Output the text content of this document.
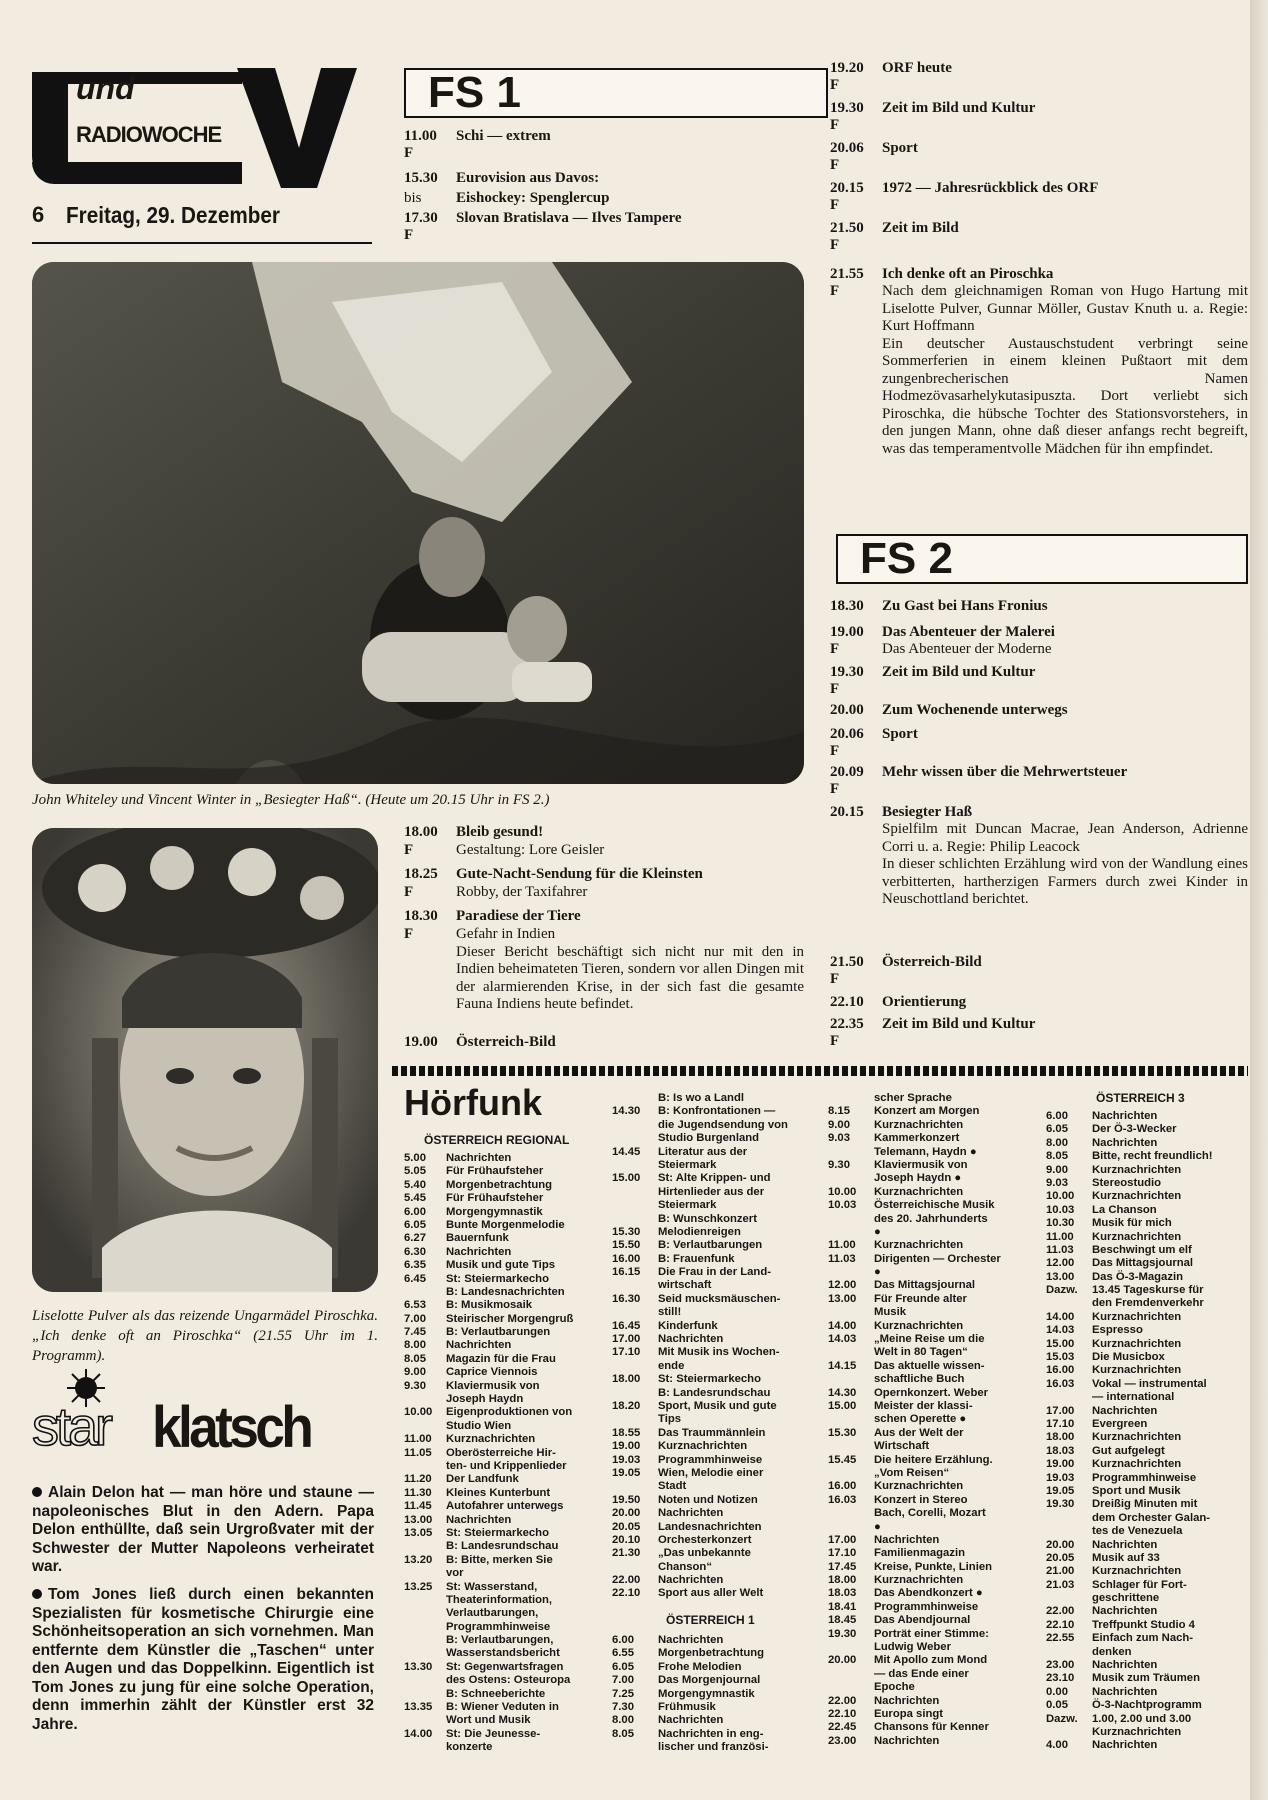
und
RADIOWOCHE
6 Freitag, 29. Dezember
FS 1
11.00
F
Schi — extrem
15.30 Eurovision aus Davos:
bis Eishockey: Spenglercup
17.30
F
Slovan Bratislava — Ilves Tampere
John Whiteley und Vincent Winter in „Besiegter Haß“. (Heute um 20.15 Uhr in FS 2.)
18.00
F
Bleib gesund!
Gestaltung: Lore Geisler
18.25
F
Gute-Nacht-Sendung für die Kleinsten
Robby, der Taxifahrer
18.30
F
Paradiese der Tiere
Gefahr in Indien
Dieser Bericht beschäftigt sich nicht nur mit den in Indien beheimateten Tieren, sondern vor allen Dingen mit der alarmierenden Krise, in der sich fast die gesamte Fauna Indiens heute befindet.
19.00 Österreich-Bild
19.20
F
ORF heute
19.30
F
Zeit im Bild und Kultur
20.06
F
Sport
20.15
F
1972 — Jahresrückblick des ORF
21.50
F
Zeit im Bild
21.55
F
Ich denke oft an Piroschka
Nach dem gleichnamigen Roman von Hugo Hartung mit Liselotte Pulver, Gunnar Möller, Gustav Knuth u. a. Regie: Kurt Hoffmann
Ein deutscher Austauschstudent verbringt seine Sommerferien in einem kleinen Pußtaort mit dem zungenbrecherischen Namen Hodmezövasarhelykutasipuszta. Dort verliebt sich Piroschka, die hübsche Tochter des Stationsvorstehers, in den jungen Mann, ohne daß dieser anfangs recht begreift, was das temperamentvolle Mädchen für ihn empfindet.
FS 2
18.30 Zu Gast bei Hans Fronius
19.00
F
Das Abenteuer der Malerei
Das Abenteuer der Moderne
19.30
F
Zeit im Bild und Kultur
20.00 Zum Wochenende unterwegs
20.06
F
Sport
20.09
F
Mehr wissen über die Mehrwertsteuer
20.15 Besiegter Haß
Spielfilm mit Duncan Macrae, Jean Anderson, Adrienne Corri u. a. Regie: Philip Leacock
In dieser schlichten Erzählung wird von der Wandlung eines verbitterten, hartherzigen Farmers durch zwei Kinder in Neuschottland berichtet.
21.50
F
Österreich-Bild
22.10 Orientierung
22.35
F
Zeit im Bild und Kultur
Liselotte Pulver als das reizende Ungarmädel Piroschka. „Ich denke oft an Piroschka“ (21.55 Uhr im 1. Programm).
star klatsch
Alain Delon hat — man höre und staune — napoleonisches Blut in den Adern. Papa Delon enthüllte, daß sein Urgroßvater mit der Schwester der Mutter Napoleons verheiratet war.
Tom Jones ließ durch einen bekannten Spezialisten für kosmetische Chirurgie eine Schönheitsoperation an sich vornehmen. Man entfernte dem Künstler die „Taschen“ unter den Augen und das Doppelkinn. Eigentlich ist Tom Jones zu jung für eine solche Operation, denn immerhin zählt der Künstler erst 32 Jahre.
Hörfunk
ÖSTERREICH REGIONAL
5.00 Nachrichten
5.05 Für Frühaufsteher
5.40 Morgenbetrachtung
5.45 Für Frühaufsteher
6.00 Morgengymnastik
6.05 Bunte Morgenmelodie
6.27 Bauernfunk
6.30 Nachrichten
6.35 Musik und gute Tips
6.45 St: Steiermarkecho
B: Landesnachrichten
6.53 B: Musikmosaik
7.00 Steirischer Morgengruß
7.45 B: Verlautbarungen
8.00 Nachrichten
8.05 Magazin für die Frau
9.00 Caprice Viennois
9.30 Klaviermusik von
Joseph Haydn
10.00 Eigenproduktionen von
Studio Wien
11.00 Kurznachrichten
11.05 Oberösterreiche Hir-
ten- und Krippenlieder
11.20 Der Landfunk
11.30 Kleines Kunterbunt
11.45 Autofahrer unterwegs
13.00 Nachrichten
13.05 St: Steiermarkecho
B: Landesrundschau
13.20 B: Bitte, merken Sie
vor
13.25 St: Wasserstand,
Theaterinformation,
Verlautbarungen,
Programmhinweise
B: Verlautbarungen,
Wasserstandsbericht
13.30 St: Gegenwartsfragen
des Ostens: Osteuropa
B: Schneeberichte
13.35 B: Wiener Veduten in
Wort und Musik
14.00 St: Die Jeunesse-
konzerte
B: Is wo a Landl
14.30 B: Konfrontationen —
die Jugendsendung von
Studio Burgenland
14.45 Literatur aus der
Steiermark
15.00 St: Alte Krippen- und
Hirtenlieder aus der
Steiermark
B: Wunschkonzert
15.30 Melodienreigen
15.50 B: Verlautbarungen
16.00 B: Frauenfunk
16.15 Die Frau in der Land-
wirtschaft
16.30 Seid mucksmäuschen-
still!
16.45 Kinderfunk
17.00 Nachrichten
17.10 Mit Musik ins Wochen-
ende
18.00 St: Steiermarkecho
B: Landesrundschau
18.20 Sport, Musik und gute
Tips
18.55 Das Traummännlein
19.00 Kurznachrichten
19.03 Programmhinweise
19.05 Wien, Melodie einer
Stadt
19.50 Noten und Notizen
20.00 Nachrichten
20.05 Landesnachrichten
20.10 Orchesterkonzert
21.30 „Das unbekannte
Chanson“
22.00 Nachrichten
22.10 Sport aus aller Welt
ÖSTERREICH 1
6.00 Nachrichten
6.55 Morgenbetrachtung
6.05 Frohe Melodien
7.00 Das Morgenjournal
7.25 Morgengymnastik
7.30 Frühmusik
8.00 Nachrichten
8.05 Nachrichten in eng-
lischer und französi-
scher Sprache
8.15 Konzert am Morgen
9.00 Kurznachrichten
9.03 Kammerkonzert
Telemann, Haydn ●
9.30 Klaviermusik von
Joseph Haydn ●
10.00 Kurznachrichten
10.03 Österreichische Musik
des 20. Jahrhunderts
●
11.00 Kurznachrichten
11.03 Dirigenten — Orchester
●
12.00 Das Mittagsjournal
13.00 Für Freunde alter
Musik
14.00 Kurznachrichten
14.03 „Meine Reise um die
Welt in 80 Tagen“
14.15 Das aktuelle wissen-
schaftliche Buch
14.30 Opernkonzert. Weber
15.00 Meister der klassi-
schen Operette ●
15.30 Aus der Welt der
Wirtschaft
15.45 Die heitere Erzählung.
„Vom Reisen“
16.00 Kurznachrichten
16.03 Konzert in Stereo
Bach, Corelli, Mozart
●
17.00 Nachrichten
17.10 Familienmagazin
17.45 Kreise, Punkte, Linien
18.00 Kurznachrichten
18.03 Das Abendkonzert ●
18.41 Programmhinweise
18.45 Das Abendjournal
19.30 Porträt einer Stimme:
Ludwig Weber
20.00 Mit Apollo zum Mond
— das Ende einer
Epoche
22.00 Nachrichten
22.10 Europa singt
22.45 Chansons für Kenner
23.00 Nachrichten
ÖSTERREICH 3
6.00 Nachrichten
6.05 Der Ö-3-Wecker
8.00 Nachrichten
8.05 Bitte, recht freundlich!
9.00 Kurznachrichten
9.03 Stereostudio
10.00 Kurznachrichten
10.03 La Chanson
10.30 Musik für mich
11.00 Kurznachrichten
11.03 Beschwingt um elf
12.00 Das Mittagsjournal
13.00 Das Ö-3-Magazin
Dazw. 13.45 Tageskurse für
den Fremdenverkehr
14.00 Kurznachrichten
14.03 Espresso
15.00 Kurznachrichten
15.03 Die Musicbox
16.00 Kurznachrichten
16.03 Vokal — instrumental
— international
17.00 Nachrichten
17.10 Evergreen
18.00 Kurznachrichten
18.03 Gut aufgelegt
19.00 Kurznachrichten
19.03 Programmhinweise
19.05 Sport und Musik
19.30 Dreißig Minuten mit
dem Orchester Galan-
tes de Venezuela
20.00 Nachrichten
20.05 Musik auf 33
21.00 Kurznachrichten
21.03 Schlager für Fort-
geschrittene
22.00 Nachrichten
22.10 Treffpunkt Studio 4
22.55 Einfach zum Nach-
denken
23.00 Nachrichten
23.10 Musik zum Träumen
0.00 Nachrichten
0.05 Ö-3-Nachtprogramm
Dazw. 1.00, 2.00 und 3.00
Kurznachrichten
4.00 Nachrichten
